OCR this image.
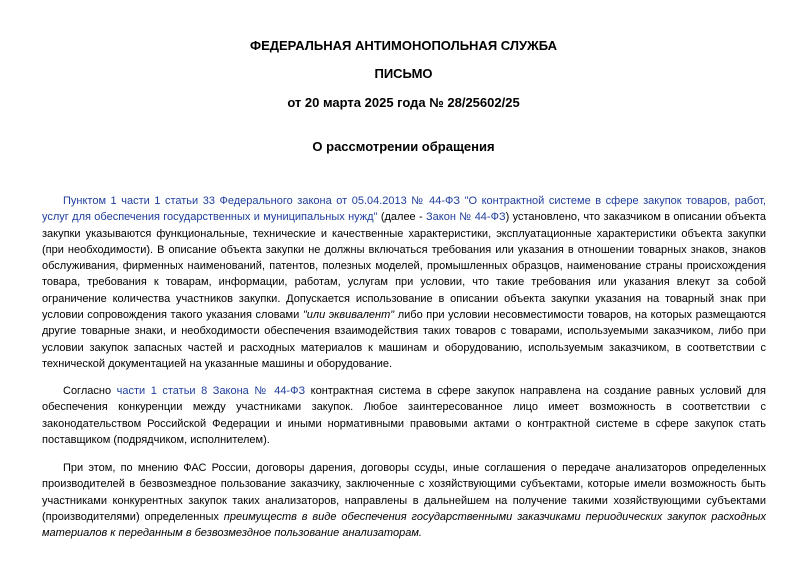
ФЕДЕРАЛЬНАЯ АНТИМОНОПОЛЬНАЯ СЛУЖБА
ПИСЬМО
от 20 марта 2025 года № 28/25602/25
О рассмотрении обращения
Пунктом 1 части 1 статьи 33 Федерального закона от 05.04.2013 № 44-ФЗ "О контрактной системе в сфере закупок товаров, работ, услуг для обеспечения государственных и муниципальных нужд" (далее - Закон № 44-ФЗ) установлено, что заказчиком в описании объекта закупки указываются функциональные, технические и качественные характеристики, эксплуатационные характеристики объекта закупки (при необходимости). В описание объекта закупки не должны включаться требования или указания в отношении товарных знаков, знаков обслуживания, фирменных наименований, патентов, полезных моделей, промышленных образцов, наименование страны происхождения товара, требования к товарам, информации, работам, услугам при условии, что такие требования или указания влекут за собой ограничение количества участников закупки. Допускается использование в описании объекта закупки указания на товарный знак при условии сопровождения такого указания словами "или эквивалент" либо при условии несовместимости товаров, на которых размещаются другие товарные знаки, и необходимости обеспечения взаимодействия таких товаров с товарами, используемыми заказчиком, либо при условии закупок запасных частей и расходных материалов к машинам и оборудованию, используемым заказчиком, в соответствии с технической документацией на указанные машины и оборудование.
Согласно части 1 статьи 8 Закона № 44-ФЗ контрактная система в сфере закупок направлена на создание равных условий для обеспечения конкуренции между участниками закупок. Любое заинтересованное лицо имеет возможность в соответствии с законодательством Российской Федерации и иными нормативными правовыми актами о контрактной системе в сфере закупок стать поставщиком (подрядчиком, исполнителем).
При этом, по мнению ФАС России, договоры дарения, договоры ссуды, иные соглашения о передаче анализаторов определенных производителей в безвозмездное пользование заказчику, заключенные с хозяйствующими субъектами, которые имели возможность быть участниками конкурентных закупок таких анализаторов, направлены в дальнейшем на получение такими хозяйствующими субъектами (производителями) определенных преимуществ в виде обеспечения государственными заказчиками периодических закупок расходных материалов к переданным в безвозмездное пользование анализаторам.
